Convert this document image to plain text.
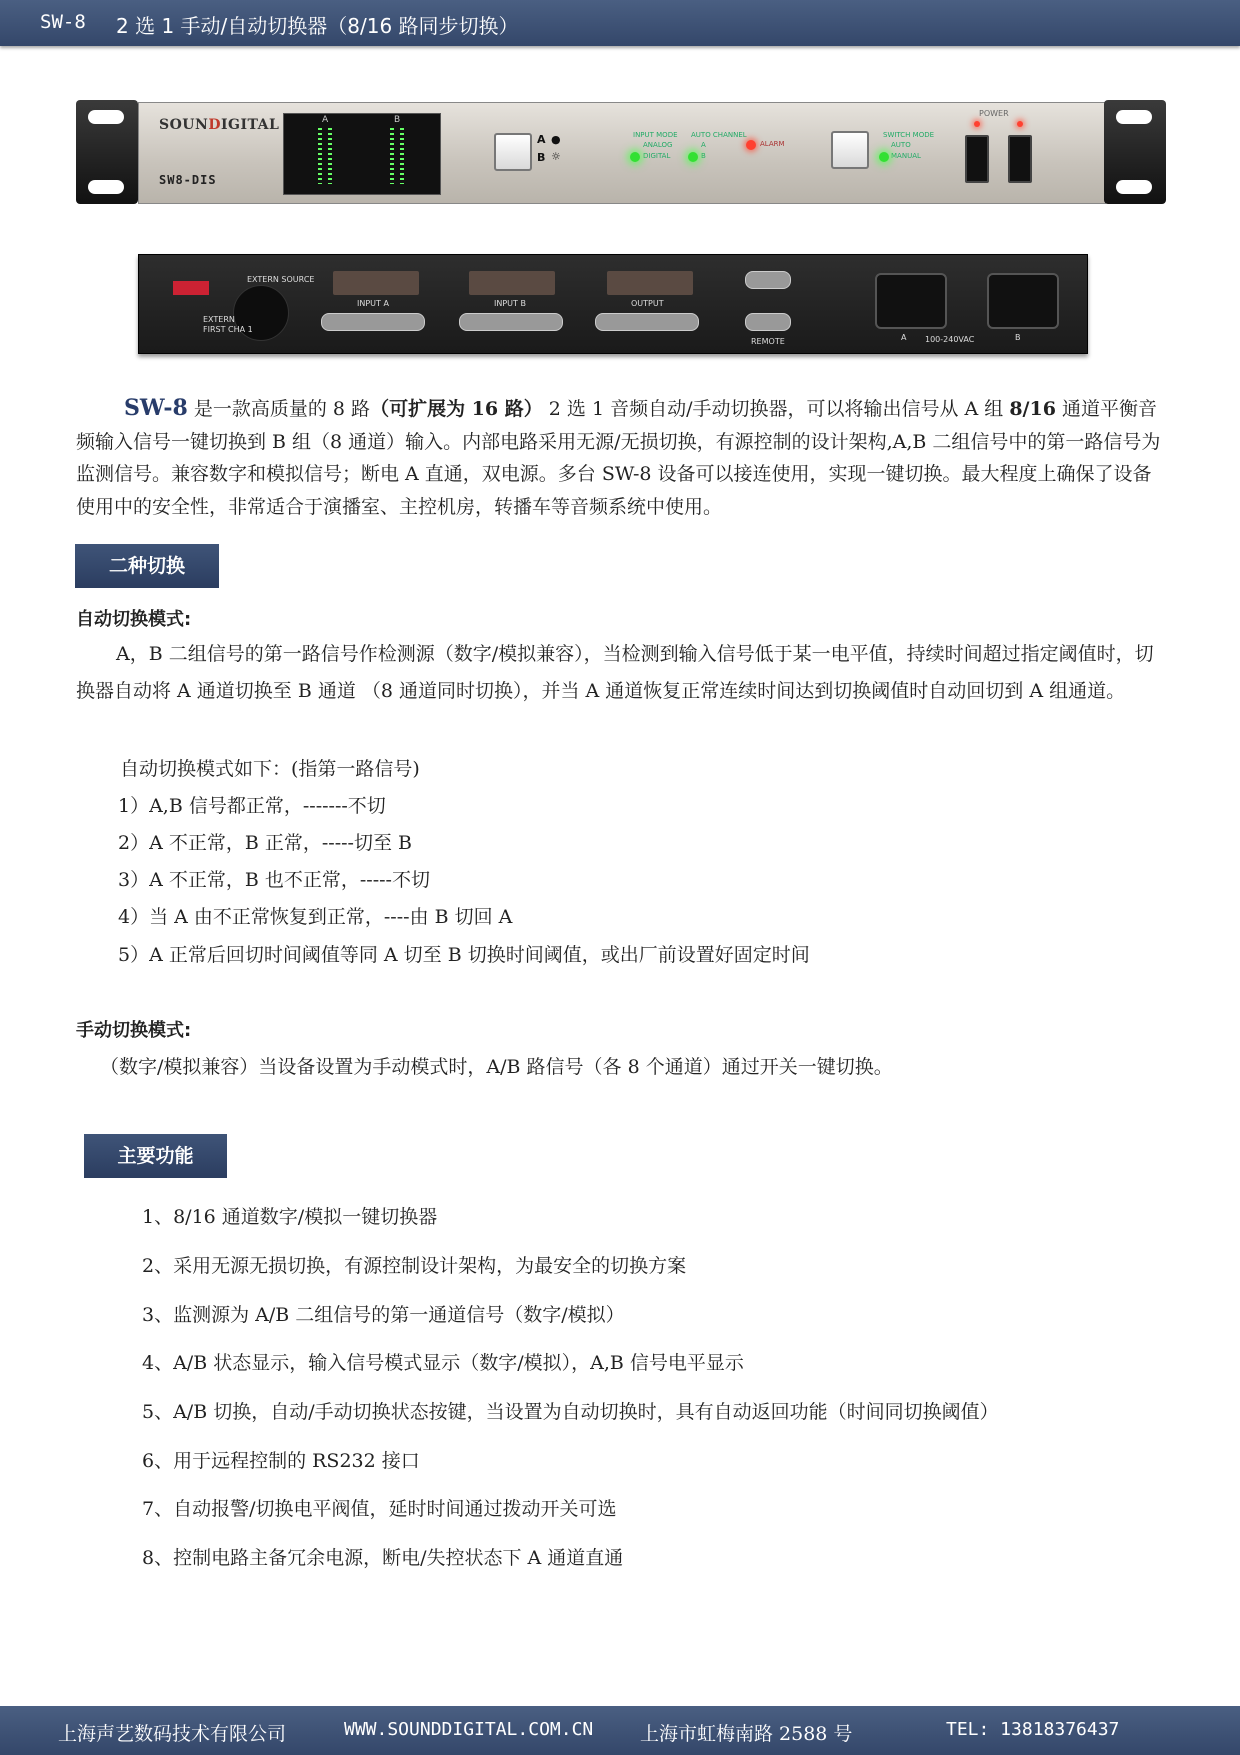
SW-8 2 选 1 手动/自动切换器（8/16 路同步切换）
SOUNDIGITAL
SW8-DIS
A	B
A ●
B ☼
INPUT MODE
ANALOG
DIGITAL
AUTO CHANNEL
A
B
ALARM
SWITCH MODE
AUTO
MANUAL
POWER
EXTERN SOURCE
EXTERN
FIRST CHA 1
INPUT A	INPUT B	OUTPUT
REMOTE	A 100-240VAC	B
SW-8 是一款高质量的 8 路（可扩展为 16 路） 2 选 1 音频自动/手动切换器，可以将输出信号从 A 组 8/16 通道平衡音频输入信号一键切换到 B 组（8 通道）输入。内部电路采用无源/无损切换，有源控制的设计架构,A,B 二组信号中的第一路信号为监测信号。兼容数字和模拟信号；断电 A 直通，双电源。多台 SW-8 设备可以接连使用，实现一键切换。最大程度上确保了设备使用中的安全性，非常适合于演播室、主控机房，转播车等音频系统中使用。
二种切换
自动切换模式:
A，B 二组信号的第一路信号作检测源（数字/模拟兼容），当检测到输入信号低于某一电平值，持续时间超过指定阈值时，切换器自动将 A 通道切换至 B 通道 （8 通道同时切换），并当 A 通道恢复正常连续时间达到切换阈值时自动回切到 A 组通道。
自动切换模式如下：(指第一路信号)
1）A,B 信号都正常，-------不切
2）A 不正常，B 正常，-----切至 B
3）A 不正常，B 也不正常，-----不切
4）当 A 由不正常恢复到正常，----由 B 切回 A
5）A 正常后回切时间阈值等同 A 切至 B 切换时间阈值，或出厂前设置好固定时间
手动切换模式:
（数字/模拟兼容）当设备设置为手动模式时，A/B 路信号（各 8 个通道）通过开关一键切换。
主要功能
1、8/16 通道数字/模拟一键切换器
2、采用无源无损切换，有源控制设计架构，为最安全的切换方案
3、监测源为 A/B 二组信号的第一通道信号（数字/模拟）
4、A/B 状态显示，输入信号模式显示（数字/模拟），A,B 信号电平显示
5、A/B 切换，自动/手动切换状态按键，当设置为自动切换时，具有自动返回功能（时间同切换阈值）
6、用于远程控制的 RS232 接口
7、自动报警/切换电平阀值，延时时间通过拨动开关可选
8、控制电路主备冗余电源，断电/失控状态下 A 通道直通
上海声艺数码技术有限公司	WWW.SOUNDDIGITAL.COM.CN 上海市虹梅南路 2588 号	TEL: 13818376437
